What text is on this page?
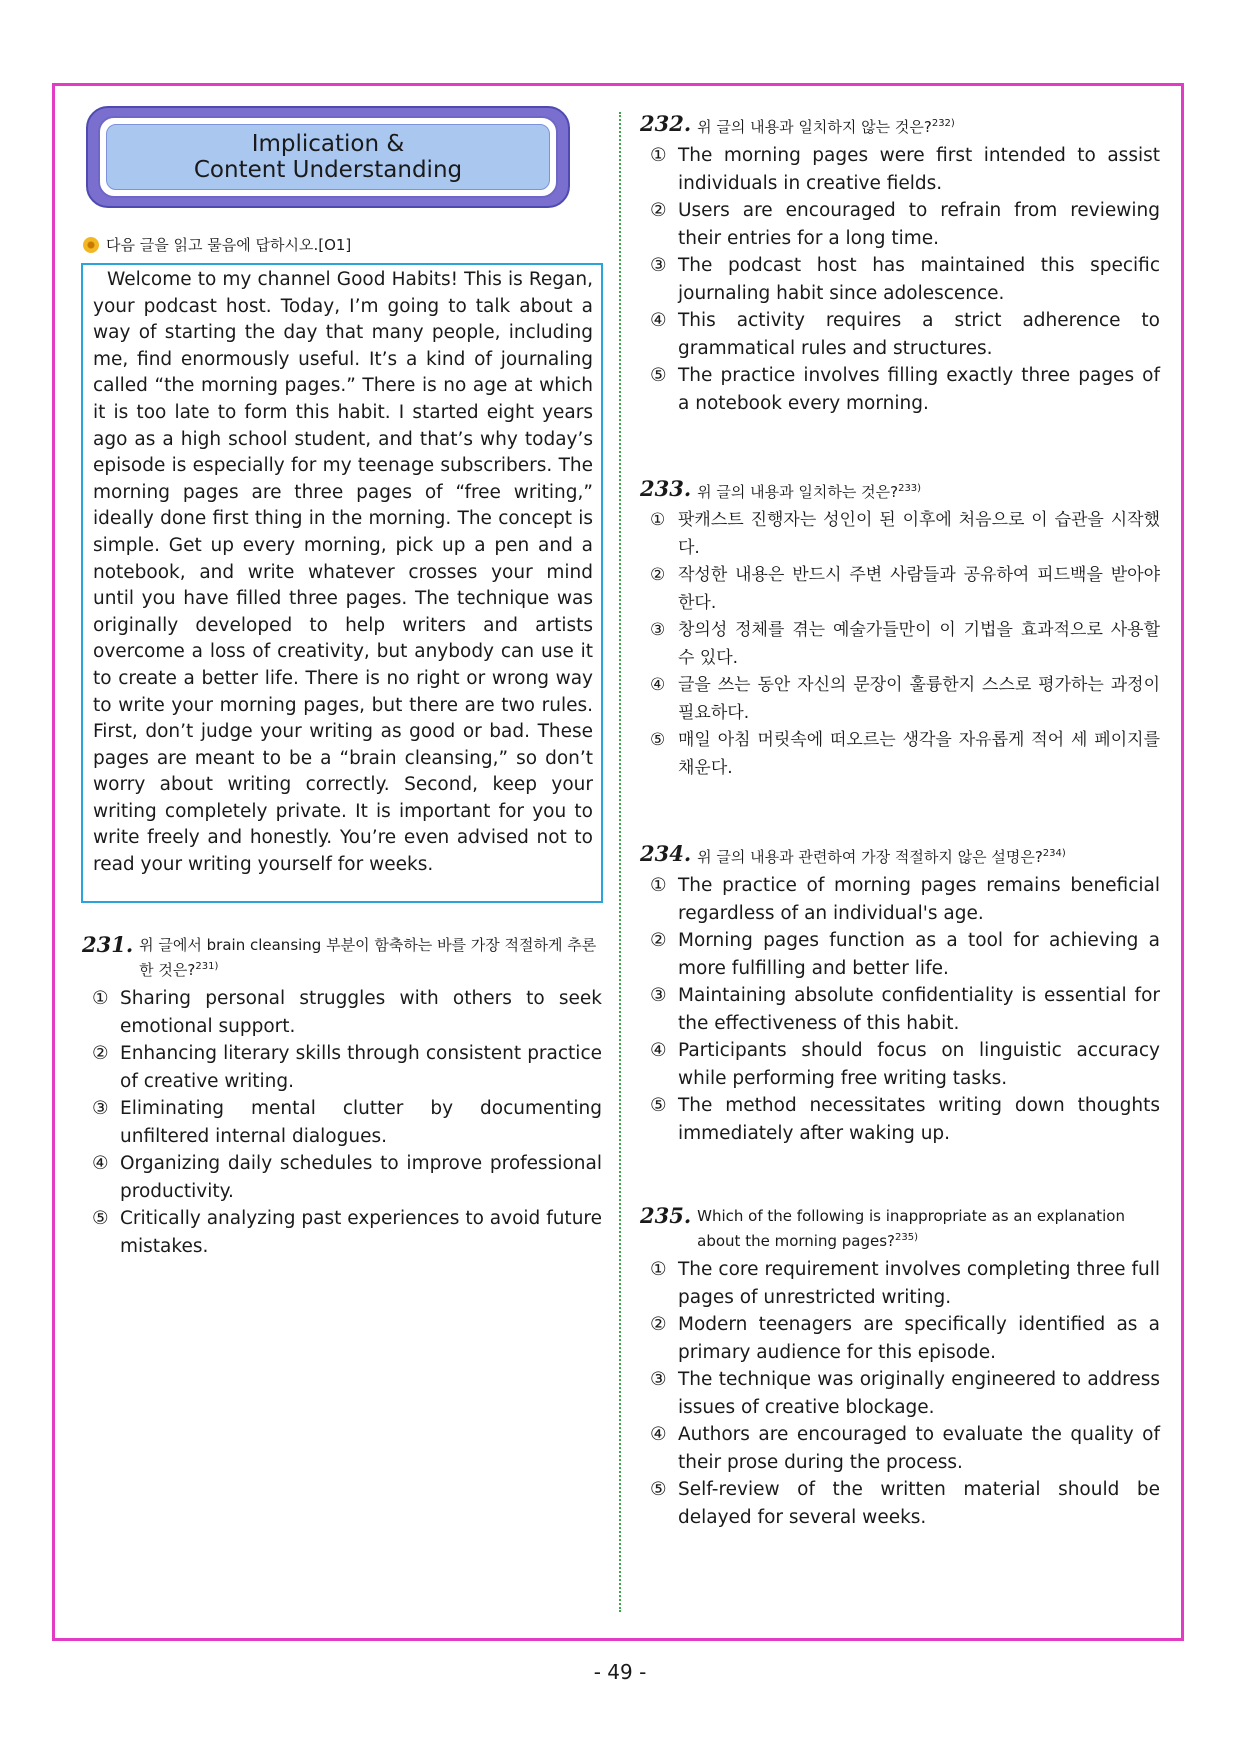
Implication &
Content Understanding
다음 글을 읽고 물음에 답하시오.[O1]
Welcome to my channel Good Habits! This is Regan, your podcast host. Today, I’m going to talk about a way of starting the day that many people, including me, find enormously useful. It’s a kind of journaling called “the morning pages.” There is no age at which it is too late to form this habit. I started eight years ago as a high school student, and that’s why today’s episode is especially for my teenage subscribers. The morning pages are three pages of “free writing,” ideally done first thing in the morning. The concept is simple. Get up every morning, pick up a pen and a notebook, and write whatever crosses your mind until you have filled three pages. The technique was originally developed to help writers and artists overcome a loss of creativity, but anybody can use it to create a better life. There is no right or wrong way to write your morning pages, but there are two rules. First, don’t judge your writing as good or bad. These pages are meant to be a “brain cleansing,” so don’t worry about writing correctly. Second, keep your writing completely private. It is important for you to write freely and honestly. You’re even advised not to read your writing yourself for weeks.
231. 위 글에서 brain cleansing 부분이 함축하는 바를 가장 적절하게 추론한 것은?$^{231)}$
① Sharing personal struggles with others to seek emotional support.
② Enhancing literary skills through consistent practice of creative writing.
③ Eliminating mental clutter by documenting unfiltered internal dialogues.
④ Organizing daily schedules to improve professional productivity.
⑤ Critically analyzing past experiences to avoid future mistakes.
232. 위 글의 내용과 일치하지 않는 것은?$^{232)}$
① The morning pages were first intended to assist individuals in creative fields.
② Users are encouraged to refrain from reviewing their entries for a long time.
③ The podcast host has maintained this specific journaling habit since adolescence.
④ This activity requires a strict adherence to grammatical rules and structures.
⑤ The practice involves filling exactly three pages of a notebook every morning.
233. 위 글의 내용과 일치하는 것은?$^{233)}$
① 팟캐스트 진행자는 성인이 된 이후에 처음으로 이 습관을 시작했다.
② 작성한 내용은 반드시 주변 사람들과 공유하여 피드백을 받아야 한다.
③ 창의성 정체를 겪는 예술가들만이 이 기법을 효과적으로 사용할 수 있다.
④ 글을 쓰는 동안 자신의 문장이 훌륭한지 스스로 평가하는 과정이 필요하다.
⑤ 매일 아침 머릿속에 떠오르는 생각을 자유롭게 적어 세 페이지를 채운다.
234. 위 글의 내용과 관련하여 가장 적절하지 않은 설명은?$^{234)}$
① The practice of morning pages remains beneficial regardless of an individual's age.
② Morning pages function as a tool for achieving a more fulfilling and better life.
③ Maintaining absolute confidentiality is essential for the effectiveness of this habit.
④ Participants should focus on linguistic accuracy while performing free writing tasks.
⑤ The method necessitates writing down thoughts immediately after waking up.
235. Which of the following is inappropriate as an explanation about the morning pages?$^{235)}$
① The core requirement involves completing three full pages of unrestricted writing.
② Modern teenagers are specifically identified as a primary audience for this episode.
③ The technique was originally engineered to address issues of creative blockage.
④ Authors are encouraged to evaluate the quality of their prose during the process.
⑤ Self-review of the written material should be delayed for several weeks.
- 49 -
